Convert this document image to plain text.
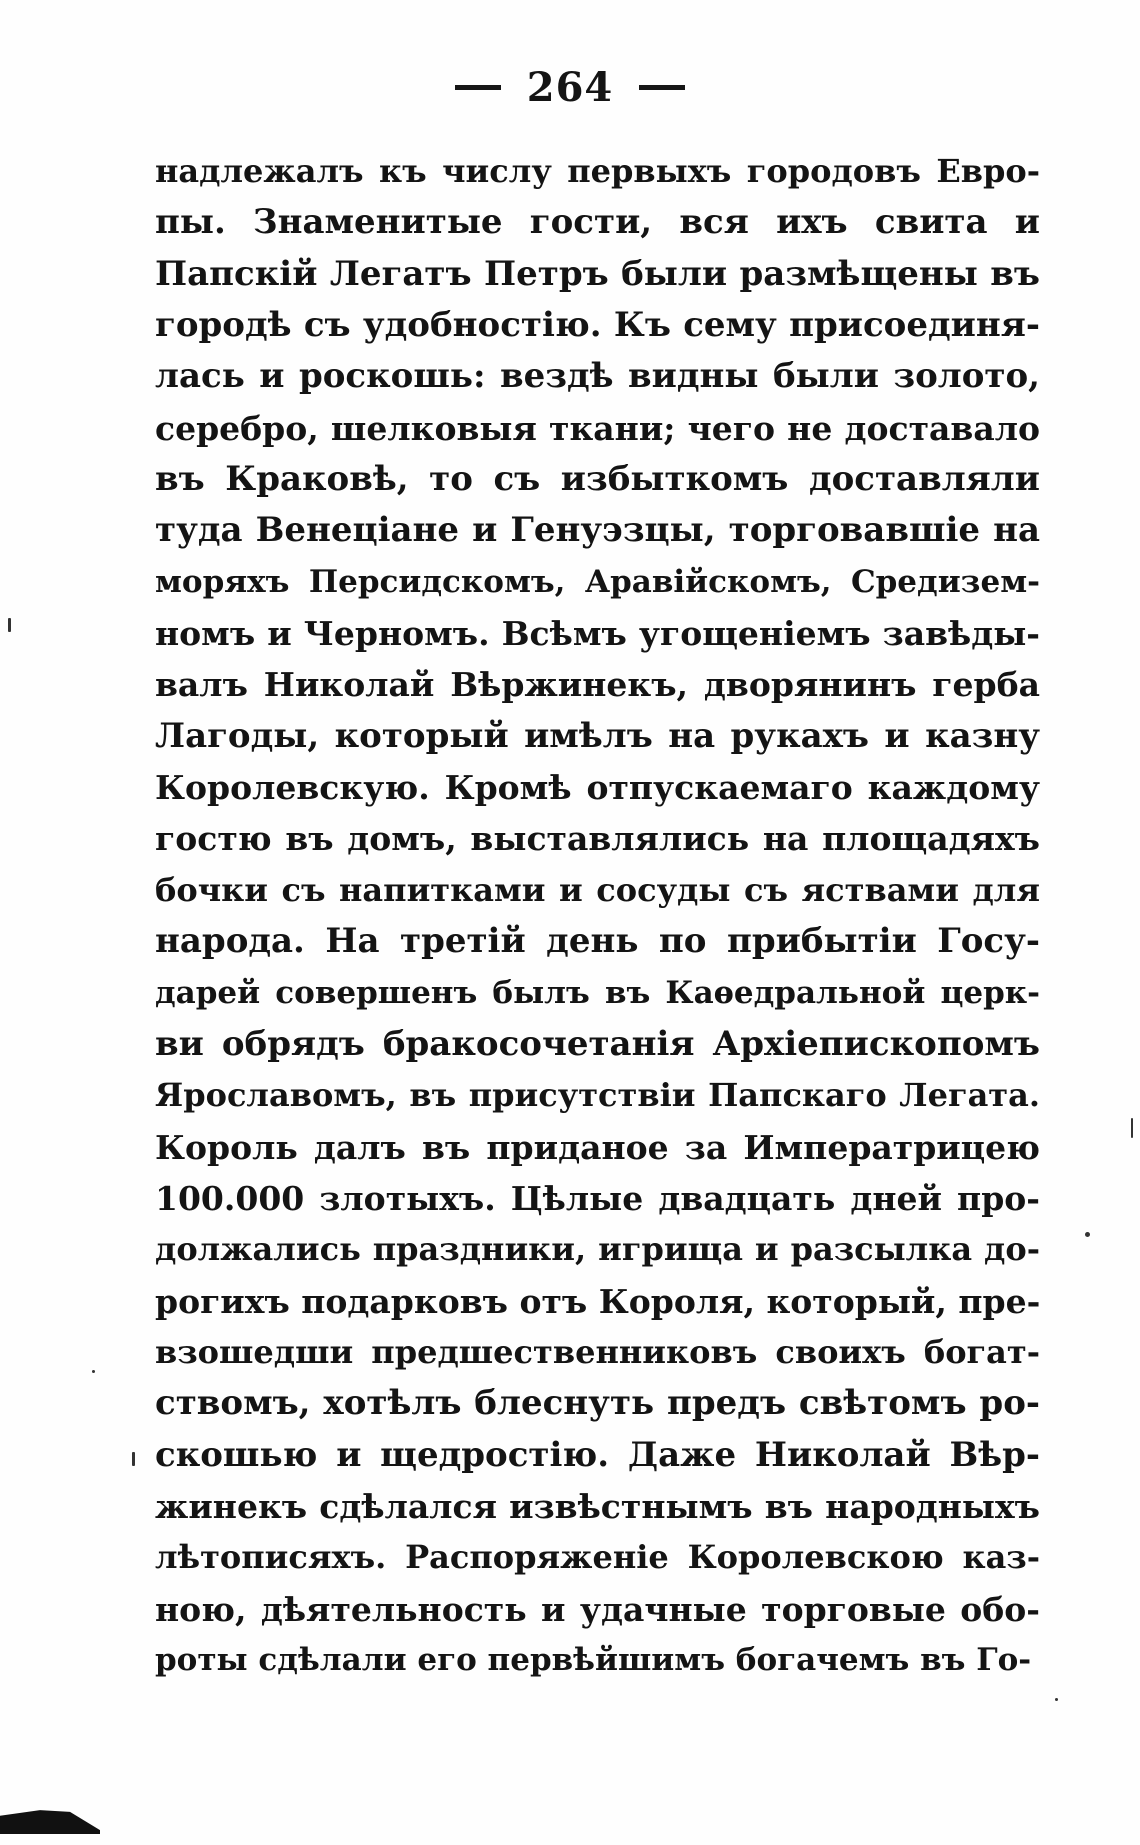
264
надлежалъ къ числу первыхъ городовъ Евро-
пы. Знаменитые гости, вся ихъ свита и
Папскій Легатъ Петръ были размѣщены въ
городѣ съ удобностію. Къ сему присоединя-
лась и роскошь: вездѣ видны были золото,
серебро, шелковыя ткани; чего не доставало
въ Краковѣ, то съ избыткомъ доставляли
туда Венеціане и Генуэзцы, торговавшіе на
моряхъ Персидскомъ, Аравійскомъ, Средизем-
номъ и Черномъ. Всѣмъ угощеніемъ завѣды-
валъ Николай Вѣржинекъ, дворянинъ герба
Лагоды, который имѣлъ на рукахъ и казну
Королевскую. Кромѣ отпускаемаго каждому
гостю въ домъ, выставлялись на площадяхъ
бочки съ напитками и сосуды съ яствами для
народа. На третій день по прибытіи Госу-
дарей совершенъ былъ въ Каѳедральной церк-
ви обрядъ бракосочетанія Архіепископомъ
Ярославомъ, въ присутствіи Папскаго Легата.
Король далъ въ приданое за Императрицею
100.000 злотыхъ. Цѣлые двадцать дней про-
должались праздники, игрища и разсылка до-
рогихъ подарковъ отъ Короля, который, пре-
взошедши предшественниковъ своихъ богат-
ствомъ, хотѣлъ блеснуть предъ свѣтомъ ро-
скошью и щедростію. Даже Николай Вѣр-
жинекъ сдѣлался извѣстнымъ въ народныхъ
лѣтописяхъ. Распоряженіе Королевскою каз-
ною, дѣятельность и удачные торговые обо-
роты сдѣлали его первѣйшимъ богачемъ въ Го-
